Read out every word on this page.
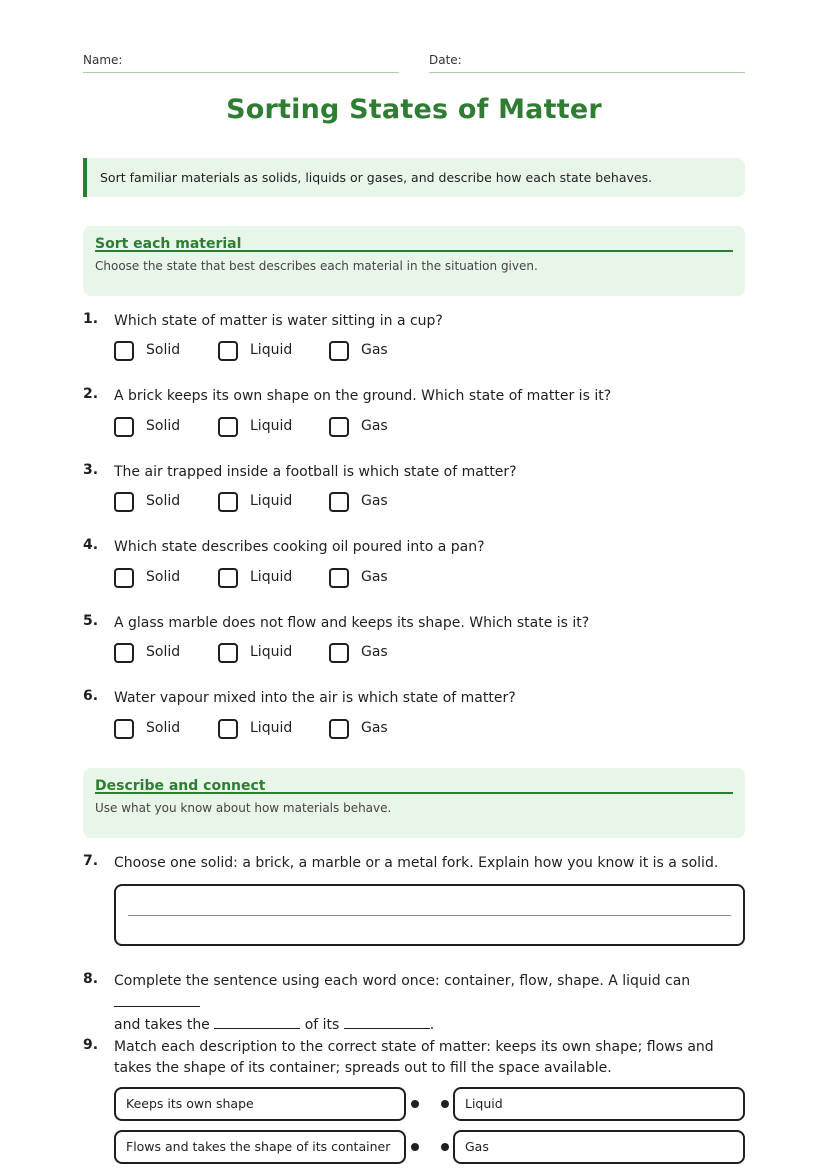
Name:	Date:
Sorting States of Matter
Sort familiar materials as solids, liquids or gases, and describe how each state behaves.
Sort each material
Choose the state that best describes each material in the situation given.
1. Which state of matter is water sitting in a cup?
Solid	Liquid	Gas
2. A brick keeps its own shape on the ground. Which state of matter is it?
Solid	Liquid	Gas
3. The air trapped inside a football is which state of matter?
Solid	Liquid	Gas
4. Which state describes cooking oil poured into a pan?
Solid	Liquid	Gas
5. A glass marble does not flow and keeps its shape. Which state is it?
Solid	Liquid	Gas
6. Water vapour mixed into the air is which state of matter?
Solid	Liquid	Gas
Describe and connect
Use what you know about how materials behave.
7. Choose one solid: a brick, a marble or a metal fork. Explain how you know it is a solid.
8. Complete the sentence using each word once: container, flow, shape. A liquid can
and takes the	of its	.
9. Match each description to the correct state of matter: keeps its own shape; flows and takes the shape of its container; spreads out to fill the space available.
Keeps its own shape	Liquid
Flows and takes the shape of its container	Gas
